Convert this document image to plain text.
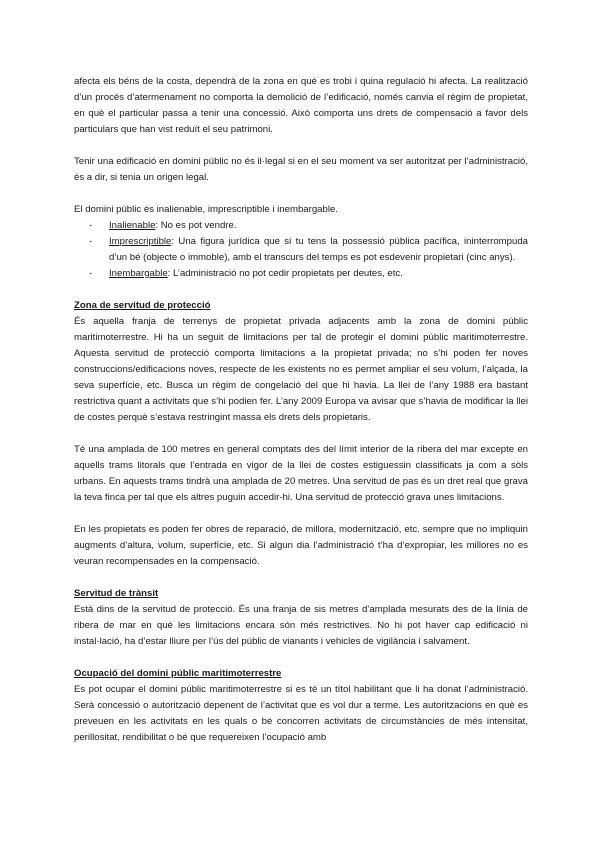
afecta els béns de la costa, dependrà de la zona en què es trobi i quina regulació hi afecta. La realització d’un procés d’atermenament no comporta la demolició de l’edificació, només canvia el règim de propietat, en què el particular passa a tenir una concessió. Això comporta uns drets de compensació a favor dels particulars que han vist reduït el seu patrimoni.

Tenir una edificació en domini públic no és il·legal si en el seu moment va ser autoritzat per l’administració, és a dir, si tenia un origen legal.

El domini públic és inalienable, imprescriptible i inembargable.

- Inalienable: No es pot vendre.
- Imprescriptible: Una figura jurídica que si tu tens la possessió pública pacífica, ininterrompuda d’un bé (objecte o immoble), amb el transcurs del temps es pot esdevenir propietari (cinc anys).
- Inembargable: L’administració no pot cedir propietats per deutes, etc.

Zona de servitud de protecció

És aquella franja de terrenys de propietat privada adjacents amb la zona de domini públic maritimoterrestre. Hi ha un seguit de limitacions per tal de protegir el domini públic maritimoterrestre. Aquesta servitud de protecció comporta limitacions a la propietat privada; no s’hi poden fer noves construccions/edificacions noves, respecte de les existents no es permet ampliar el seu volum, l’alçada, la seva superfície, etc. Busca un règim de congelació del que hi havia. La llei de l’any 1988 era bastant restrictiva quant a activitats que s’hi podien fer. L’any 2009 Europa va avisar que s’havia de modificar la llei de costes perquè s’estava restringint massa els drets dels propietaris.

Té una amplada de 100 metres en general comptats des del límit interior de la ribera del mar excepte en aquells trams litorals que l’entrada en vigor de la llei de costes estiguessin classificats ja com a sòls urbans. En aquests trams tindrà una amplada de 20 metres. Una servitud de pas és un dret real que grava la teva finca per tal que els altres puguin accedir-hi. Una servitud de protecció grava unes limitacions.

En les propietats es poden fer obres de reparació, de millora, modernització, etc. sempre que no impliquin augments d’altura, volum, superfície, etc. Si algun dia l’administració t’ha d’expropiar, les millores no es veuran recompensades en la compensació.

Servitud de trànsit

Està dins de la servitud de protecció. És una franja de sis metres d’amplada mesurats des de la línia de ribera de mar en què les limitacions encara són més restrictives. No hi pot haver cap edificació ni instal·lació, ha d’estar lliure per l’ús del públic de vianants i vehicles de vigilància i salvament.

Ocupació del domini públic maritimoterrestre

Es pot ocupar el domini públic maritimoterrestre si es té un títol habilitant que li ha donat l’administració. Serà concessió o autorització depenent de l’activitat que es vol dur a terme. Les autoritzacions en què es preveuen en les activitats en les quals o bé concorren activitats de circumstàncies de més intensitat, perillositat, rendibilitat o bé que requereixen l’ocupació amb
